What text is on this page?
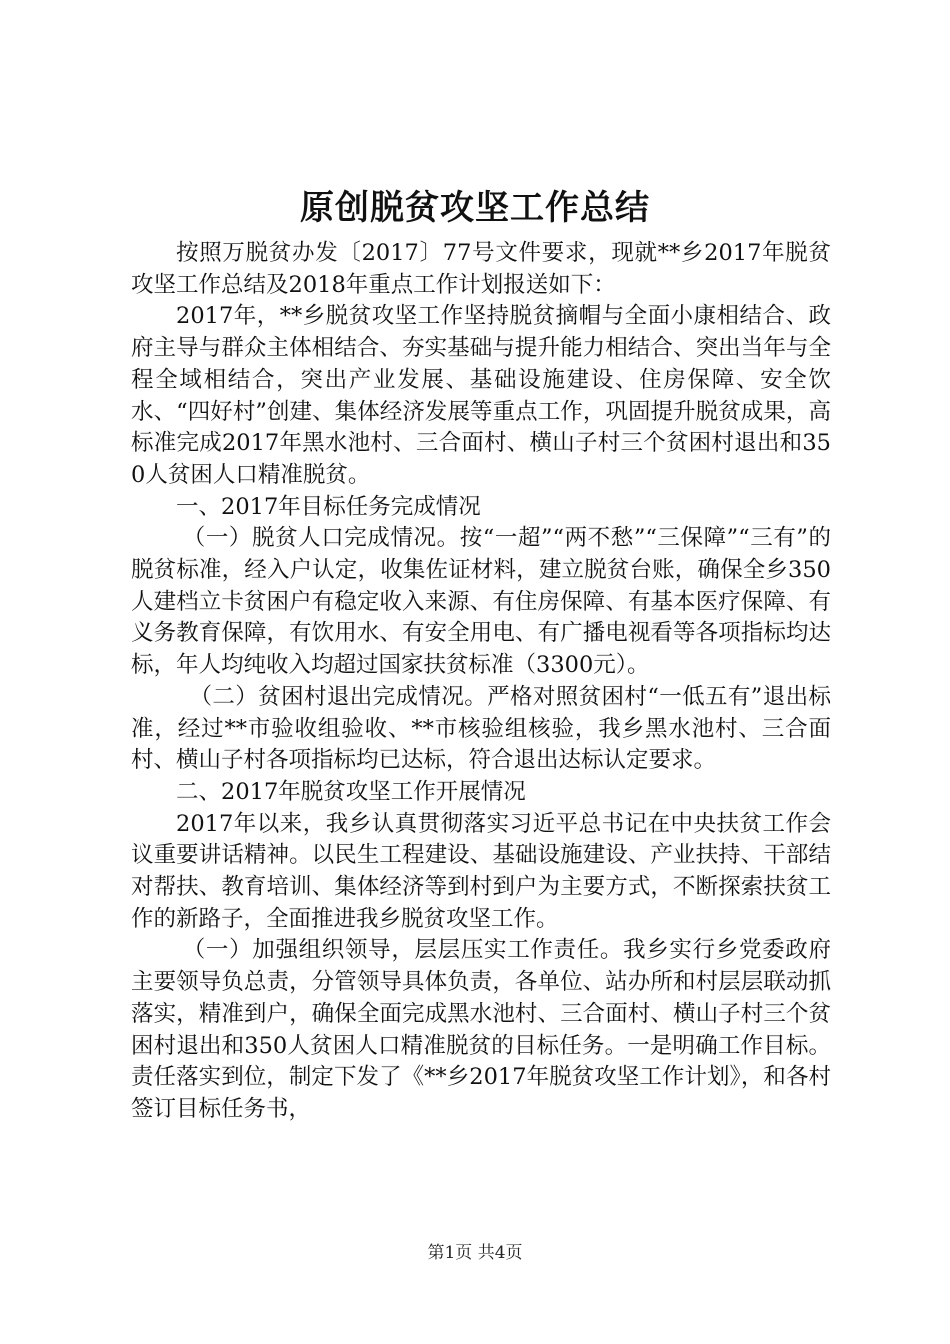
原创脱贫攻坚工作总结

按照万脱贫办发〔2017〕77号文件要求，现就**乡2017年脱贫攻坚工作总结及2018年重点工作计划报送如下：

2017年，**乡脱贫攻坚工作坚持脱贫摘帽与全面小康相结合、政府主导与群众主体相结合、夯实基础与提升能力相结合、突出当年与全程全域相结合，突出产业发展、基础设施建设、住房保障、安全饮水、“四好村”创建、集体经济发展等重点工作，巩固提升脱贫成果，高标准完成2017年黑水池村、三合面村、横山子村三个贫困村退出和350人贫困人口精准脱贫。

一、2017年目标任务完成情况

（一）脱贫人口完成情况。按“一超”“两不愁”“三保障”“三有”的脱贫标准，经入户认定，收集佐证材料，建立脱贫台账，确保全乡350人建档立卡贫困户有稳定收入来源、有住房保障、有基本医疗保障、有义务教育保障，有饮用水、有安全用电、有广播电视看等各项指标均达标，年人均纯收入均超过国家扶贫标准（3300元）。

（二）贫困村退出完成情况。严格对照贫困村“一低五有”退出标准，经过**市验收组验收、**市核验组核验，我乡黑水池村、三合面村、横山子村各项指标均已达标，符合退出达标认定要求。

二、2017年脱贫攻坚工作开展情况

2017年以来，我乡认真贯彻落实习近平总书记在中央扶贫工作会议重要讲话精神。以民生工程建设、基础设施建设、产业扶持、干部结对帮扶、教育培训、集体经济等到村到户为主要方式，不断探索扶贫工作的新路子，全面推进我乡脱贫攻坚工作。

（一）加强组织领导，层层压实工作责任。我乡实行乡党委政府主要领导负总责，分管领导具体负责，各单位、站办所和村层层联动抓落实，精准到户，确保全面完成黑水池村、三合面村、横山子村三个贫困村退出和350人贫困人口精准脱贫的目标任务。一是明确工作目标。责任落实到位，制定下发了《**乡2017年脱贫攻坚工作计划》，和各村签订目标任务书，

第1页 共4页
